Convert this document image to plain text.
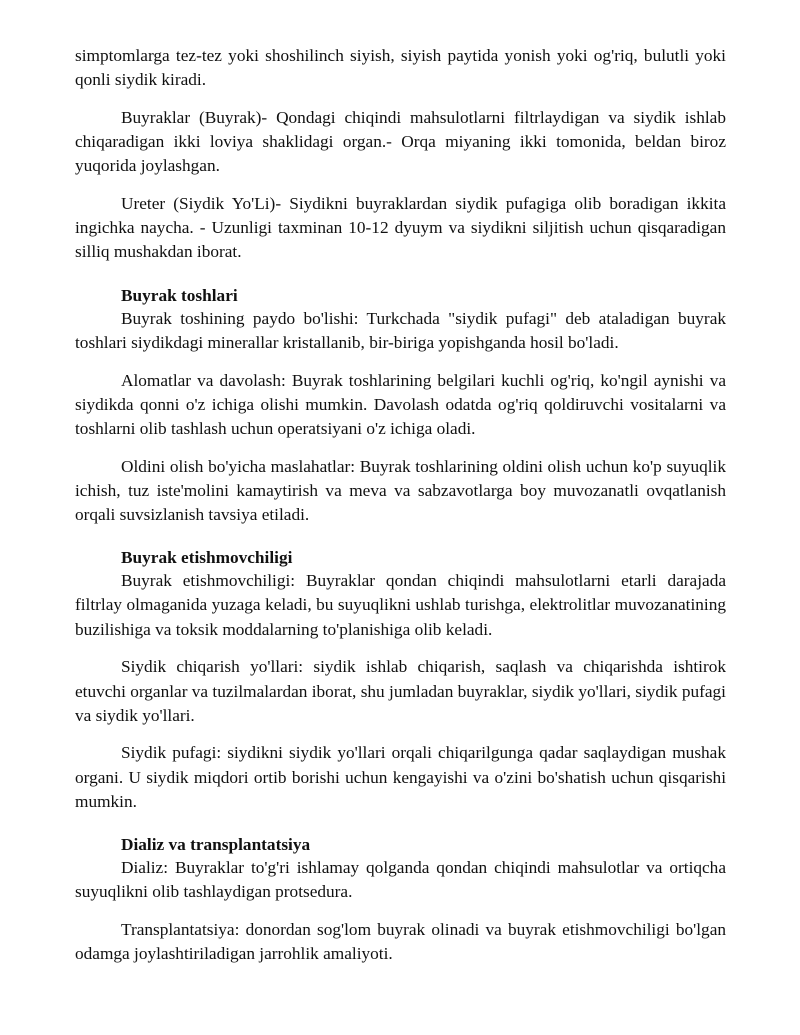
simptomlarga tez-tez yoki shoshilinch siyish, siyish paytida yonish yoki og'riq, bulutli yoki qonli siydik kiradi.

Buyraklar (Buyrak)- Qondagi chiqindi mahsulotlarni filtrlaydigan va siydik ishlab chiqaradigan ikki loviya shaklidagi organ.- Orqa miyaning ikki tomonida, beldan biroz yuqorida joylashgan.

Ureter (Siydik Yo'Li)- Siydikni buyraklardan siydik pufagiga olib boradigan ikkita ingichka naycha. - Uzunligi taxminan 10-12 dyuym va siydikni siljitish uchun qisqaradigan silliq mushakdan iborat.

Buyrak toshlari

Buyrak toshining paydo bo'lishi: Turkchada "siydik pufagi" deb ataladigan buyrak toshlari siydikdagi minerallar kristallanib, bir-biriga yopishganda hosil bo'ladi.

Alomatlar va davolash: Buyrak toshlarining belgilari kuchli og'riq, ko'ngil aynishi va siydikda qonni o'z ichiga olishi mumkin. Davolash odatda og'riq qoldiruvchi vositalarni va toshlarni olib tashlash uchun operatsiyani o'z ichiga oladi.

Oldini olish bo'yicha maslahatlar: Buyrak toshlarining oldini olish uchun ko'p suyuqlik ichish, tuz iste'molini kamaytirish va meva va sabzavotlarga boy muvozanatli ovqatlanish orqali suvsizlanish tavsiya etiladi.

Buyrak etishmovchiligi

Buyrak etishmovchiligi: Buyraklar qondan chiqindi mahsulotlarni etarli darajada filtrlay olmaganida yuzaga keladi, bu suyuqlikni ushlab turishga, elektrolitlar muvozanatining buzilishiga va toksik moddalarning to'planishiga olib keladi.

Siydik chiqarish yo'llari: siydik ishlab chiqarish, saqlash va chiqarishda ishtirok etuvchi organlar va tuzilmalardan iborat, shu jumladan buyraklar, siydik yo'llari, siydik pufagi va siydik yo'llari.

Siydik pufagi: siydikni siydik yo'llari orqali chiqarilgunga qadar saqlaydigan mushak organi. U siydik miqdori ortib borishi uchun kengayishi va o'zini bo'shatish uchun qisqarishi mumkin.

Dializ va transplantatsiya

Dializ: Buyraklar to'g'ri ishlamay qolganda qondan chiqindi mahsulotlar va ortiqcha suyuqlikni olib tashlaydigan protsedura.

Transplantatsiya: donordan sog'lom buyrak olinadi va buyrak etishmovchiligi bo'lgan odamga joylashtiriladigan jarrohlik amaliyoti.
